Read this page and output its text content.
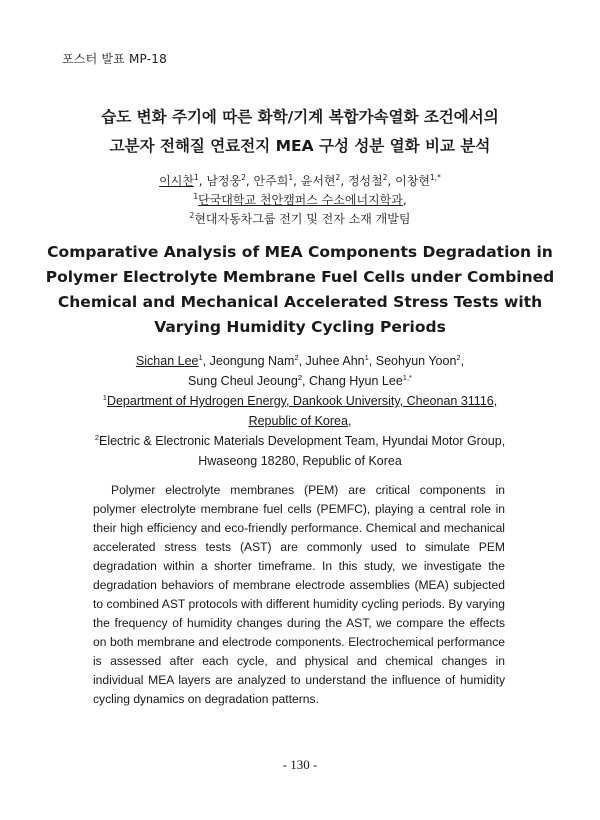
포스터 발표 MP-18
습도 변화 주기에 따른 화학/기계 복합가속열화 조건에서의
고분자 전해질 연료전지 MEA 구성 성분 열화 비교 분석
이시찬$^1$, 남정웅$^2$, 안주희$^1$, 윤서현$^2$, 정성철$^2$, 이창현$^{1,*}$
$^1$단국대학교 천안캠퍼스 수소에너지학과,
$^2$현대자동차그룹 전기 및 전자 소재 개발팀
Comparative Analysis of MEA Components Degradation in
Polymer Electrolyte Membrane Fuel Cells under Combined
Chemical and Mechanical Accelerated Stress Tests with
Varying Humidity Cycling Periods
Sichan Lee$^1$, Jeongung Nam$^2$, Juhee Ahn$^1$, Seohyun Yoon$^2$,
Sung Cheul Jeoung$^2$, Chang Hyun Lee$^{1,*}$
$^1$Department of Hydrogen Energy, Dankook University, Cheonan 31116,
Republic of Korea,
$^2$Electric & Electronic Materials Development Team, Hyundai Motor Group,
Hwaseong 18280, Republic of Korea

Polymer electrolyte membranes (PEM) are critical components in polymer electrolyte membrane fuel cells (PEMFC), playing a central role in their high efficiency and eco-friendly performance. Chemical and mechanical accelerated stress tests (AST) are commonly used to simulate PEM degradation within a shorter timeframe. In this study, we investigate the degradation behaviors of membrane electrode assemblies (MEA) subjected to combined AST protocols with different humidity cycling periods. By varying the frequency of humidity changes during the AST, we compare the effects on both membrane and electrode components. Electrochemical performance is assessed after each cycle, and physical and chemical changes in individual MEA layers are analyzed to understand the influence of humidity cycling dynamics on degradation patterns.

- 130 -
